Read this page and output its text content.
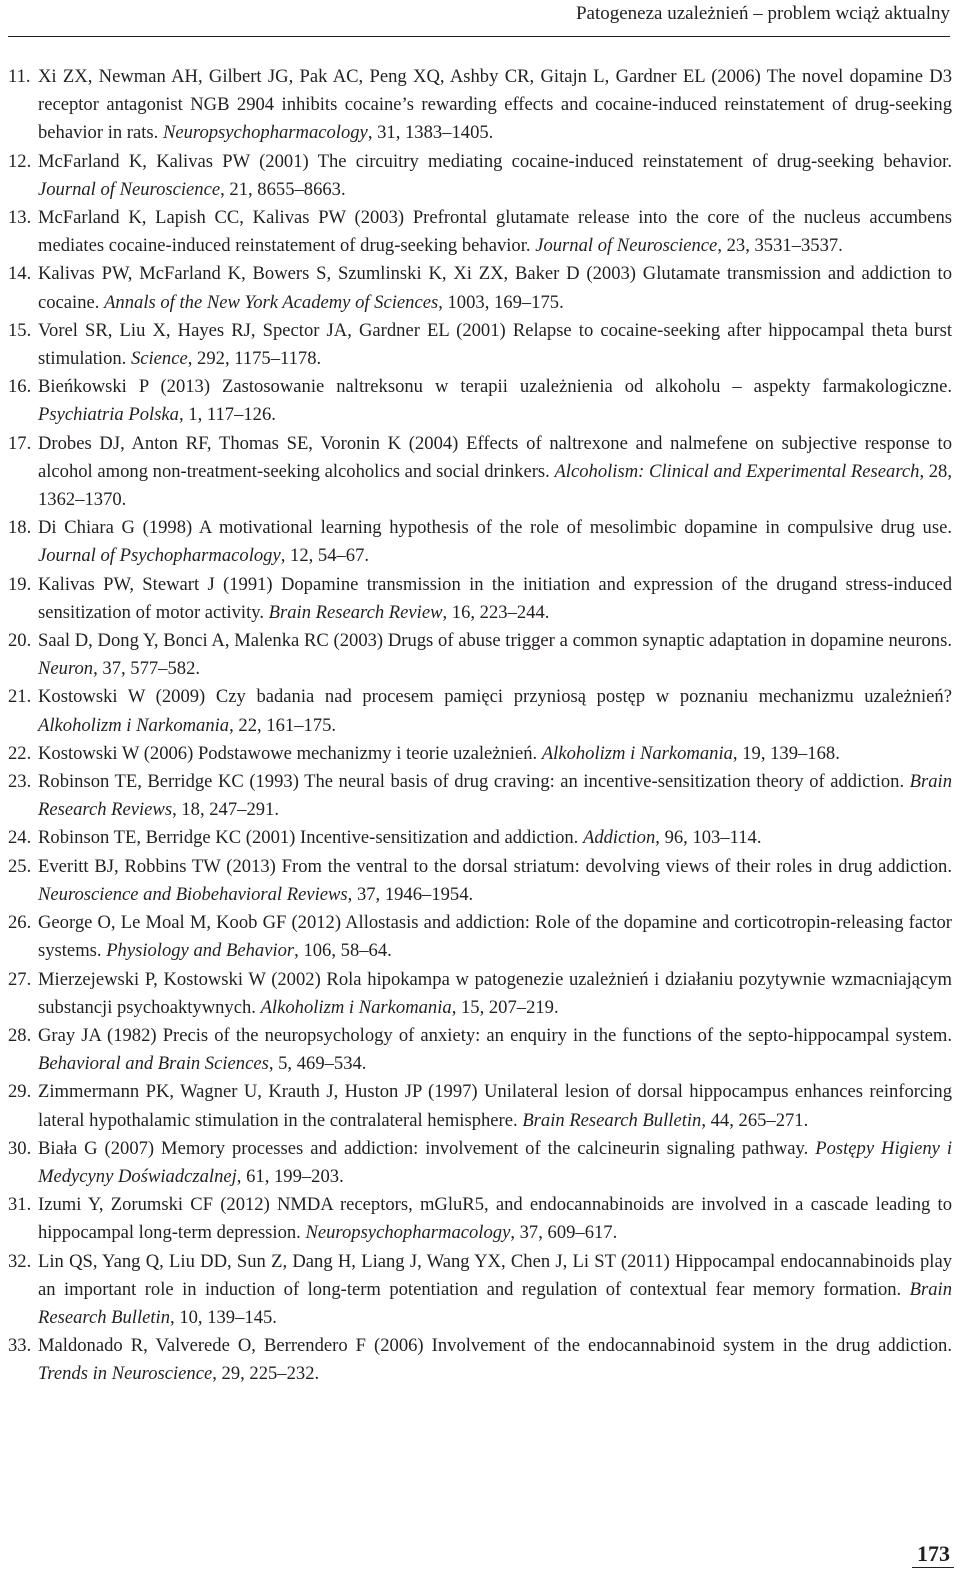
Patogeneza uzależnień – problem wciąż aktualny
11. Xi ZX, Newman AH, Gilbert JG, Pak AC, Peng XQ, Ashby CR, Gitajn L, Gardner EL (2006) The novel dopamine D3 receptor antagonist NGB 2904 inhibits cocaine’s rewarding effects and cocaine-induced reinstatement of drug-seeking behavior in rats. Neuropsychopharmacology, 31, 1383–1405.
12. McFarland K, Kalivas PW (2001) The circuitry mediating cocaine-induced reinstatement of drug-seeking behavior. Journal of Neuroscience, 21, 8655–8663.
13. McFarland K, Lapish CC, Kalivas PW (2003) Prefrontal glutamate release into the core of the nucleus accumbens mediates cocaine-induced reinstatement of drug-seeking behavior. Journal of Neuroscience, 23, 3531–3537.
14. Kalivas PW, McFarland K, Bowers S, Szumlinski K, Xi ZX, Baker D (2003) Glutamate transmission and addiction to cocaine. Annals of the New York Academy of Sciences, 1003, 169–175.
15. Vorel SR, Liu X, Hayes RJ, Spector JA, Gardner EL (2001) Relapse to cocaine-seeking after hippocampal theta burst stimulation. Science, 292, 1175–1178.
16. Bieńkowski P (2013) Zastosowanie naltreksonu w terapii uzależnienia od alkoholu – aspekty farmakologiczne. Psychiatria Polska, 1, 117–126.
17. Drobes DJ, Anton RF, Thomas SE, Voronin K (2004) Effects of naltrexone and nalmefene on subjective response to alcohol among non-treatment-seeking alcoholics and social drinkers. Alcoholism: Clinical and Experimental Research, 28, 1362–1370.
18. Di Chiara G (1998) A motivational learning hypothesis of the role of mesolimbic dopamine in compulsive drug use. Journal of Psychopharmacology, 12, 54–67.
19. Kalivas PW, Stewart J (1991) Dopamine transmission in the initiation and expression of the drugand stress-induced sensitization of motor activity. Brain Research Review, 16, 223–244.
20. Saal D, Dong Y, Bonci A, Malenka RC (2003) Drugs of abuse trigger a common synaptic adaptation in dopamine neurons. Neuron, 37, 577–582.
21. Kostowski W (2009) Czy badania nad procesem pamięci przyniosą postęp w poznaniu mechanizmu uzależnień? Alkoholizm i Narkomania, 22, 161–175.
22. Kostowski W (2006) Podstawowe mechanizmy i teorie uzależnień. Alkoholizm i Narkomania, 19, 139–168.
23. Robinson TE, Berridge KC (1993) The neural basis of drug craving: an incentive-sensitization theory of addiction. Brain Research Reviews, 18, 247–291.
24. Robinson TE, Berridge KC (2001) Incentive-sensitization and addiction. Addiction, 96, 103–114.
25. Everitt BJ, Robbins TW (2013) From the ventral to the dorsal striatum: devolving views of their roles in drug addiction. Neuroscience and Biobehavioral Reviews, 37, 1946–1954.
26. George O, Le Moal M, Koob GF (2012) Allostasis and addiction: Role of the dopamine and corticotropin-releasing factor systems. Physiology and Behavior, 106, 58–64.
27. Mierzejewski P, Kostowski W (2002) Rola hipokampa w patogenezie uzależnień i działaniu pozytywnie wzmacniającym substancji psychoaktywnych. Alkoholizm i Narkomania, 15, 207–219.
28. Gray JA (1982) Precis of the neuropsychology of anxiety: an enquiry in the functions of the septo-hippocampal system. Behavioral and Brain Sciences, 5, 469–534.
29. Zimmermann PK, Wagner U, Krauth J, Huston JP (1997) Unilateral lesion of dorsal hippocampus enhances reinforcing lateral hypothalamic stimulation in the contralateral hemisphere. Brain Research Bulletin, 44, 265–271.
30. Biała G (2007) Memory processes and addiction: involvement of the calcineurin signaling pathway. Postępy Higieny i Medycyny Doświadczalnej, 61, 199–203.
31. Izumi Y, Zorumski CF (2012) NMDA receptors, mGluR5, and endocannabinoids are involved in a cascade leading to hippocampal long-term depression. Neuropsychopharmacology, 37, 609–617.
32. Lin QS, Yang Q, Liu DD, Sun Z, Dang H, Liang J, Wang YX, Chen J, Li ST (2011) Hippocampal endocannabinoids play an important role in induction of long-term potentiation and regulation of contextual fear memory formation. Brain Research Bulletin, 10, 139–145.
33. Maldonado R, Valverede O, Berrendero F (2006) Involvement of the endocannabinoid system in the drug addiction. Trends in Neuroscience, 29, 225–232.
173
